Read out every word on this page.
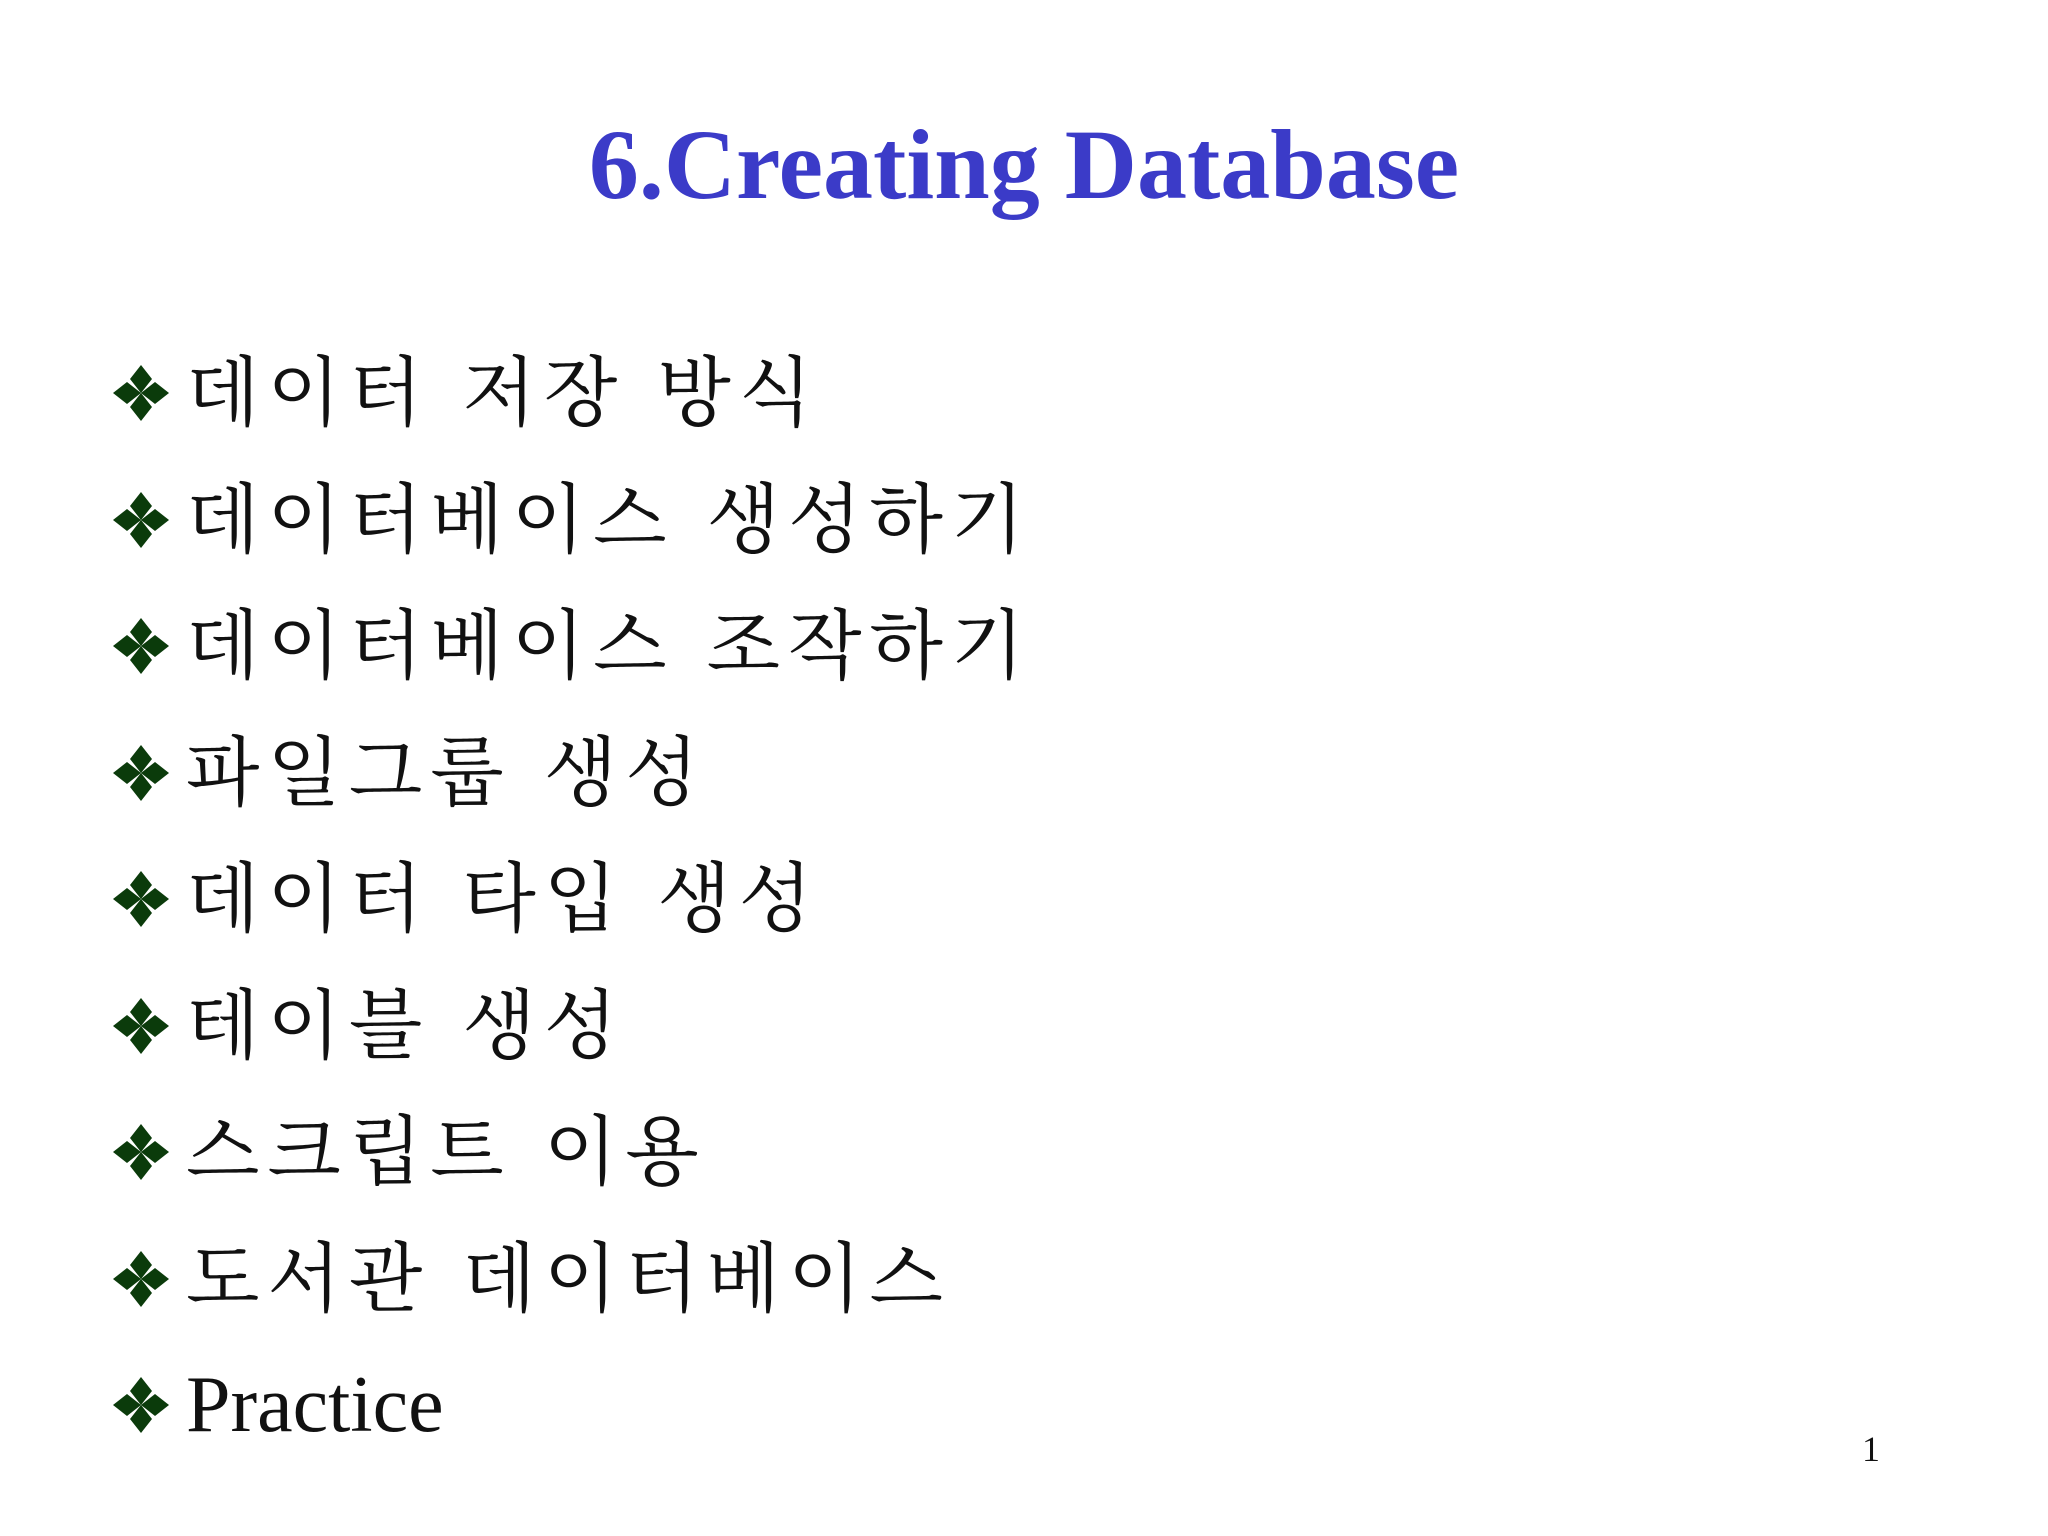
6.Creating Database
데이터 저장 방식
데이터베이스 생성하기
데이터베이스 조작하기
파일그룹 생성
데이터 타입 생성
테이블 생성
스크립트 이용
도서관 데이터베이스
Practice	1
